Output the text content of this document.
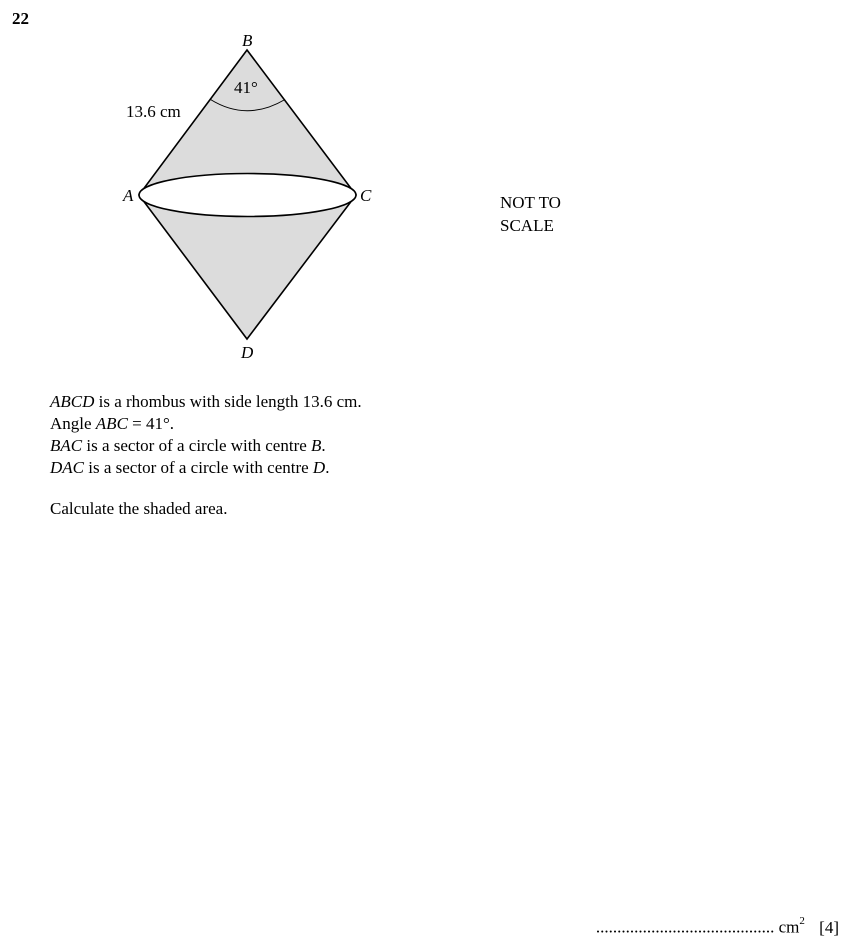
22
B
A	C
D
41°
13.6 cm
NOT TO
SCALE
ABCD is a rhombus with side length 13.6 cm.
Angle ABC = 41°.
BAC is a sector of a circle with centre B.
DAC is a sector of a circle with centre D.
Calculate the shaded area.
.......................................... $cm^2$ [4]
